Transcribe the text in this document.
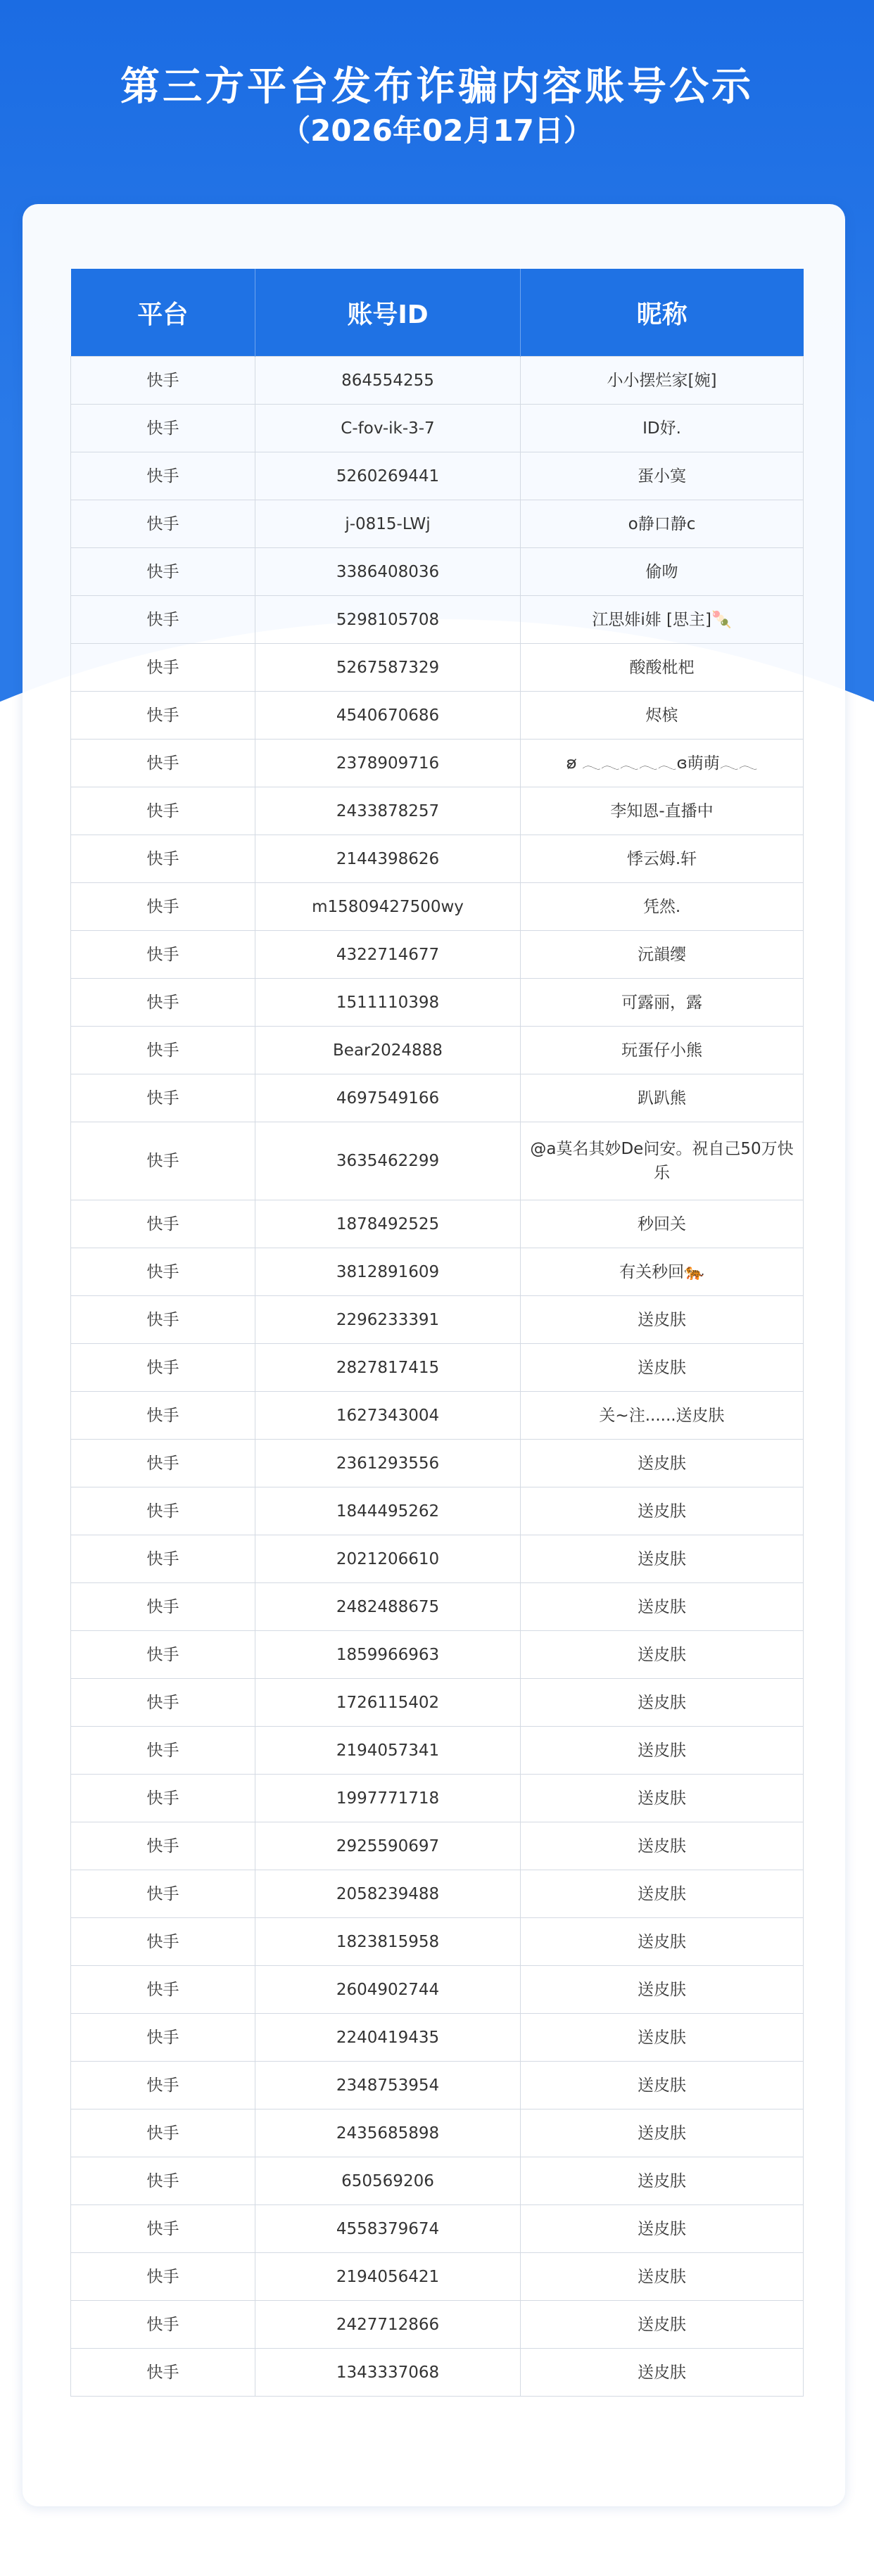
第三方平台发布诈骗内容账号公示
（2026年02月17日）
平台	账号ID	昵称
快手	864554255	小小摆烂家[婉]
快手	C-fov-ik-3-7	ID妤.
快手	5260269441	蛋小寞
快手	j-0815-LWj	o静口静c
快手	3386408036	偷吻
快手	5298105708	江思婔i婔 [思主]🍡
快手	5267587329	酸酸枇杷
快手	4540670686	烬槟
快手	2378909716	ʚ̷ 𓂃𓂃𓂃𓂃𓂃ɞ萌萌𓂃𓂃
快手	2433878257	李知恩-直播中
快手	2144398626	悸云姆.轩
快手	m15809427500wy	凭然.
快手	4322714677	沅韻缨
快手	1511110398	可露丽，露
快手	Bear2024888	玩蛋仔小熊
快手	4697549166	趴趴熊
快手	3635462299	@a莫名其妙De问安。祝自己50万快乐
快手	1878492525	秒回关
快手	3812891609	有关秒回🐅
快手	2296233391	送皮肤
快手	2827817415	送皮肤
快手	1627343004	关~注......送皮肤
快手	2361293556	送皮肤
快手	1844495262	送皮肤
快手	2021206610	送皮肤
快手	2482488675	送皮肤
快手	1859966963	送皮肤
快手	1726115402	送皮肤
快手	2194057341	送皮肤
快手	1997771718	送皮肤
快手	2925590697	送皮肤
快手	2058239488	送皮肤
快手	1823815958	送皮肤
快手	2604902744	送皮肤
快手	2240419435	送皮肤
快手	2348753954	送皮肤
快手	2435685898	送皮肤
快手	650569206	送皮肤
快手	4558379674	送皮肤
快手	2194056421	送皮肤
快手	2427712866	送皮肤
快手	1343337068	送皮肤
